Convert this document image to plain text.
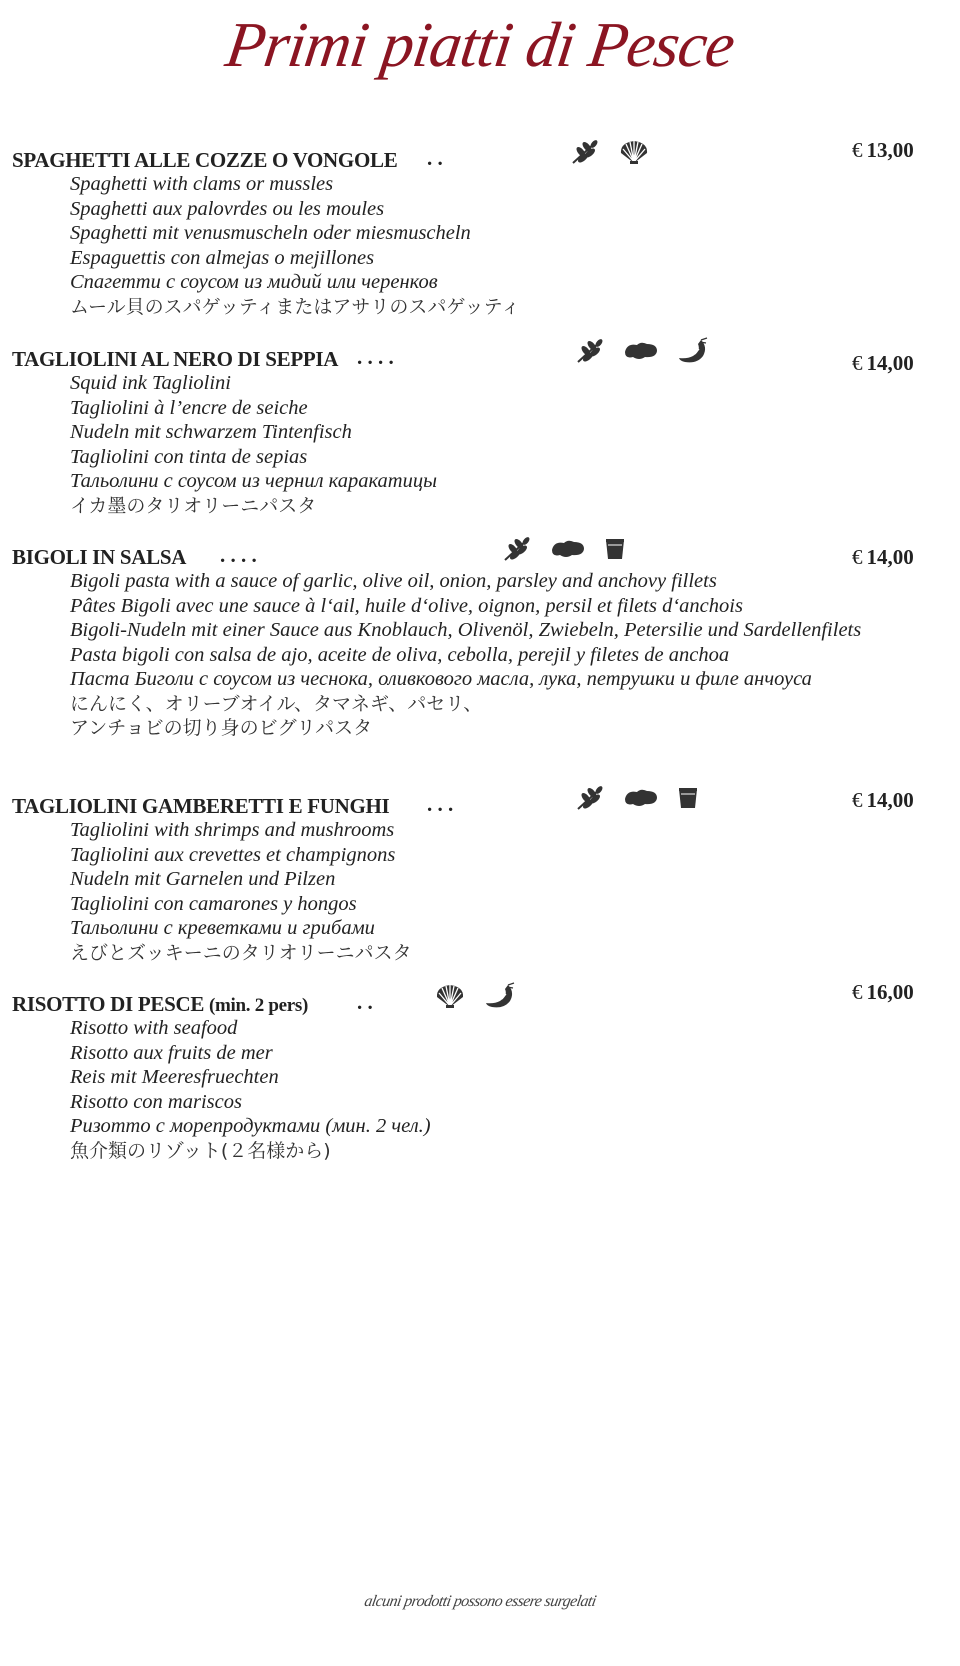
Primi piatti di Pesce
SPAGHETTI ALLE COZZE O VONGOLE . .	€ 13,00
Spaghetti with clams or mussles
Spaghetti aux palovrdes ou les moules
Spaghetti mit venusmuscheln oder miesmuscheln
Espaguettis con almejas o mejillones
Спагетти с соусом из мидий или черенков
ムール貝のスパゲッティまたはアサリのスパゲッティ
TAGLIOLINI AL NERO DI SEPPIA . . . .	€ 14,00
Squid ink Tagliolini
Tagliolini à l’encre de seiche
Nudeln mit schwarzem Tintenfisch
Tagliolini con tinta de sepias
Тальолини с соусом из чернил каракатицы
イカ墨のタリオリーニパスタ
BIGOLI IN SALSA . . . .	€ 14,00
Bigoli pasta with a sauce of garlic, olive oil, onion, parsley and anchovy fillets
Pâtes Bigoli avec une sauce à l‘ail, huile d‘olive, oignon, persil et filets d‘anchois
Bigoli-Nudeln mit einer Sauce aus Knoblauch, Olivenöl, Zwiebeln, Petersilie und Sardellenfilets
Pasta bigoli con salsa de ajo, aceite de oliva, cebolla, perejil y filetes de anchoa
Паста Биголи с соусом из чеснока, оливкового масла, лука, петрушки и филе анчоуса
にんにく、オリーブオイル、タマネギ、パセリ、
アンチョビの切り身のビグリパスタ
TAGLIOLINI GAMBERETTI E FUNGHI . . .	€ 14,00
Tagliolini with shrimps and mushrooms
Tagliolini aux crevettes et champignons
Nudeln mit Garnelen und Pilzen
Tagliolini con camarones y hongos
Тальолини с креветками и грибами
えびとズッキーニのタリオリーニパスタ
RISOTTO DI PESCE (min. 2 pers) . .	€ 16,00
Risotto with seafood
Risotto aux fruits de mer
Reis mit Meeresfruechten
Risotto con mariscos
Ризотто с морепродуктами (мин. 2 чел.)
魚介類のリゾット(２名様から)
alcuni prodotti possono essere surgelati
